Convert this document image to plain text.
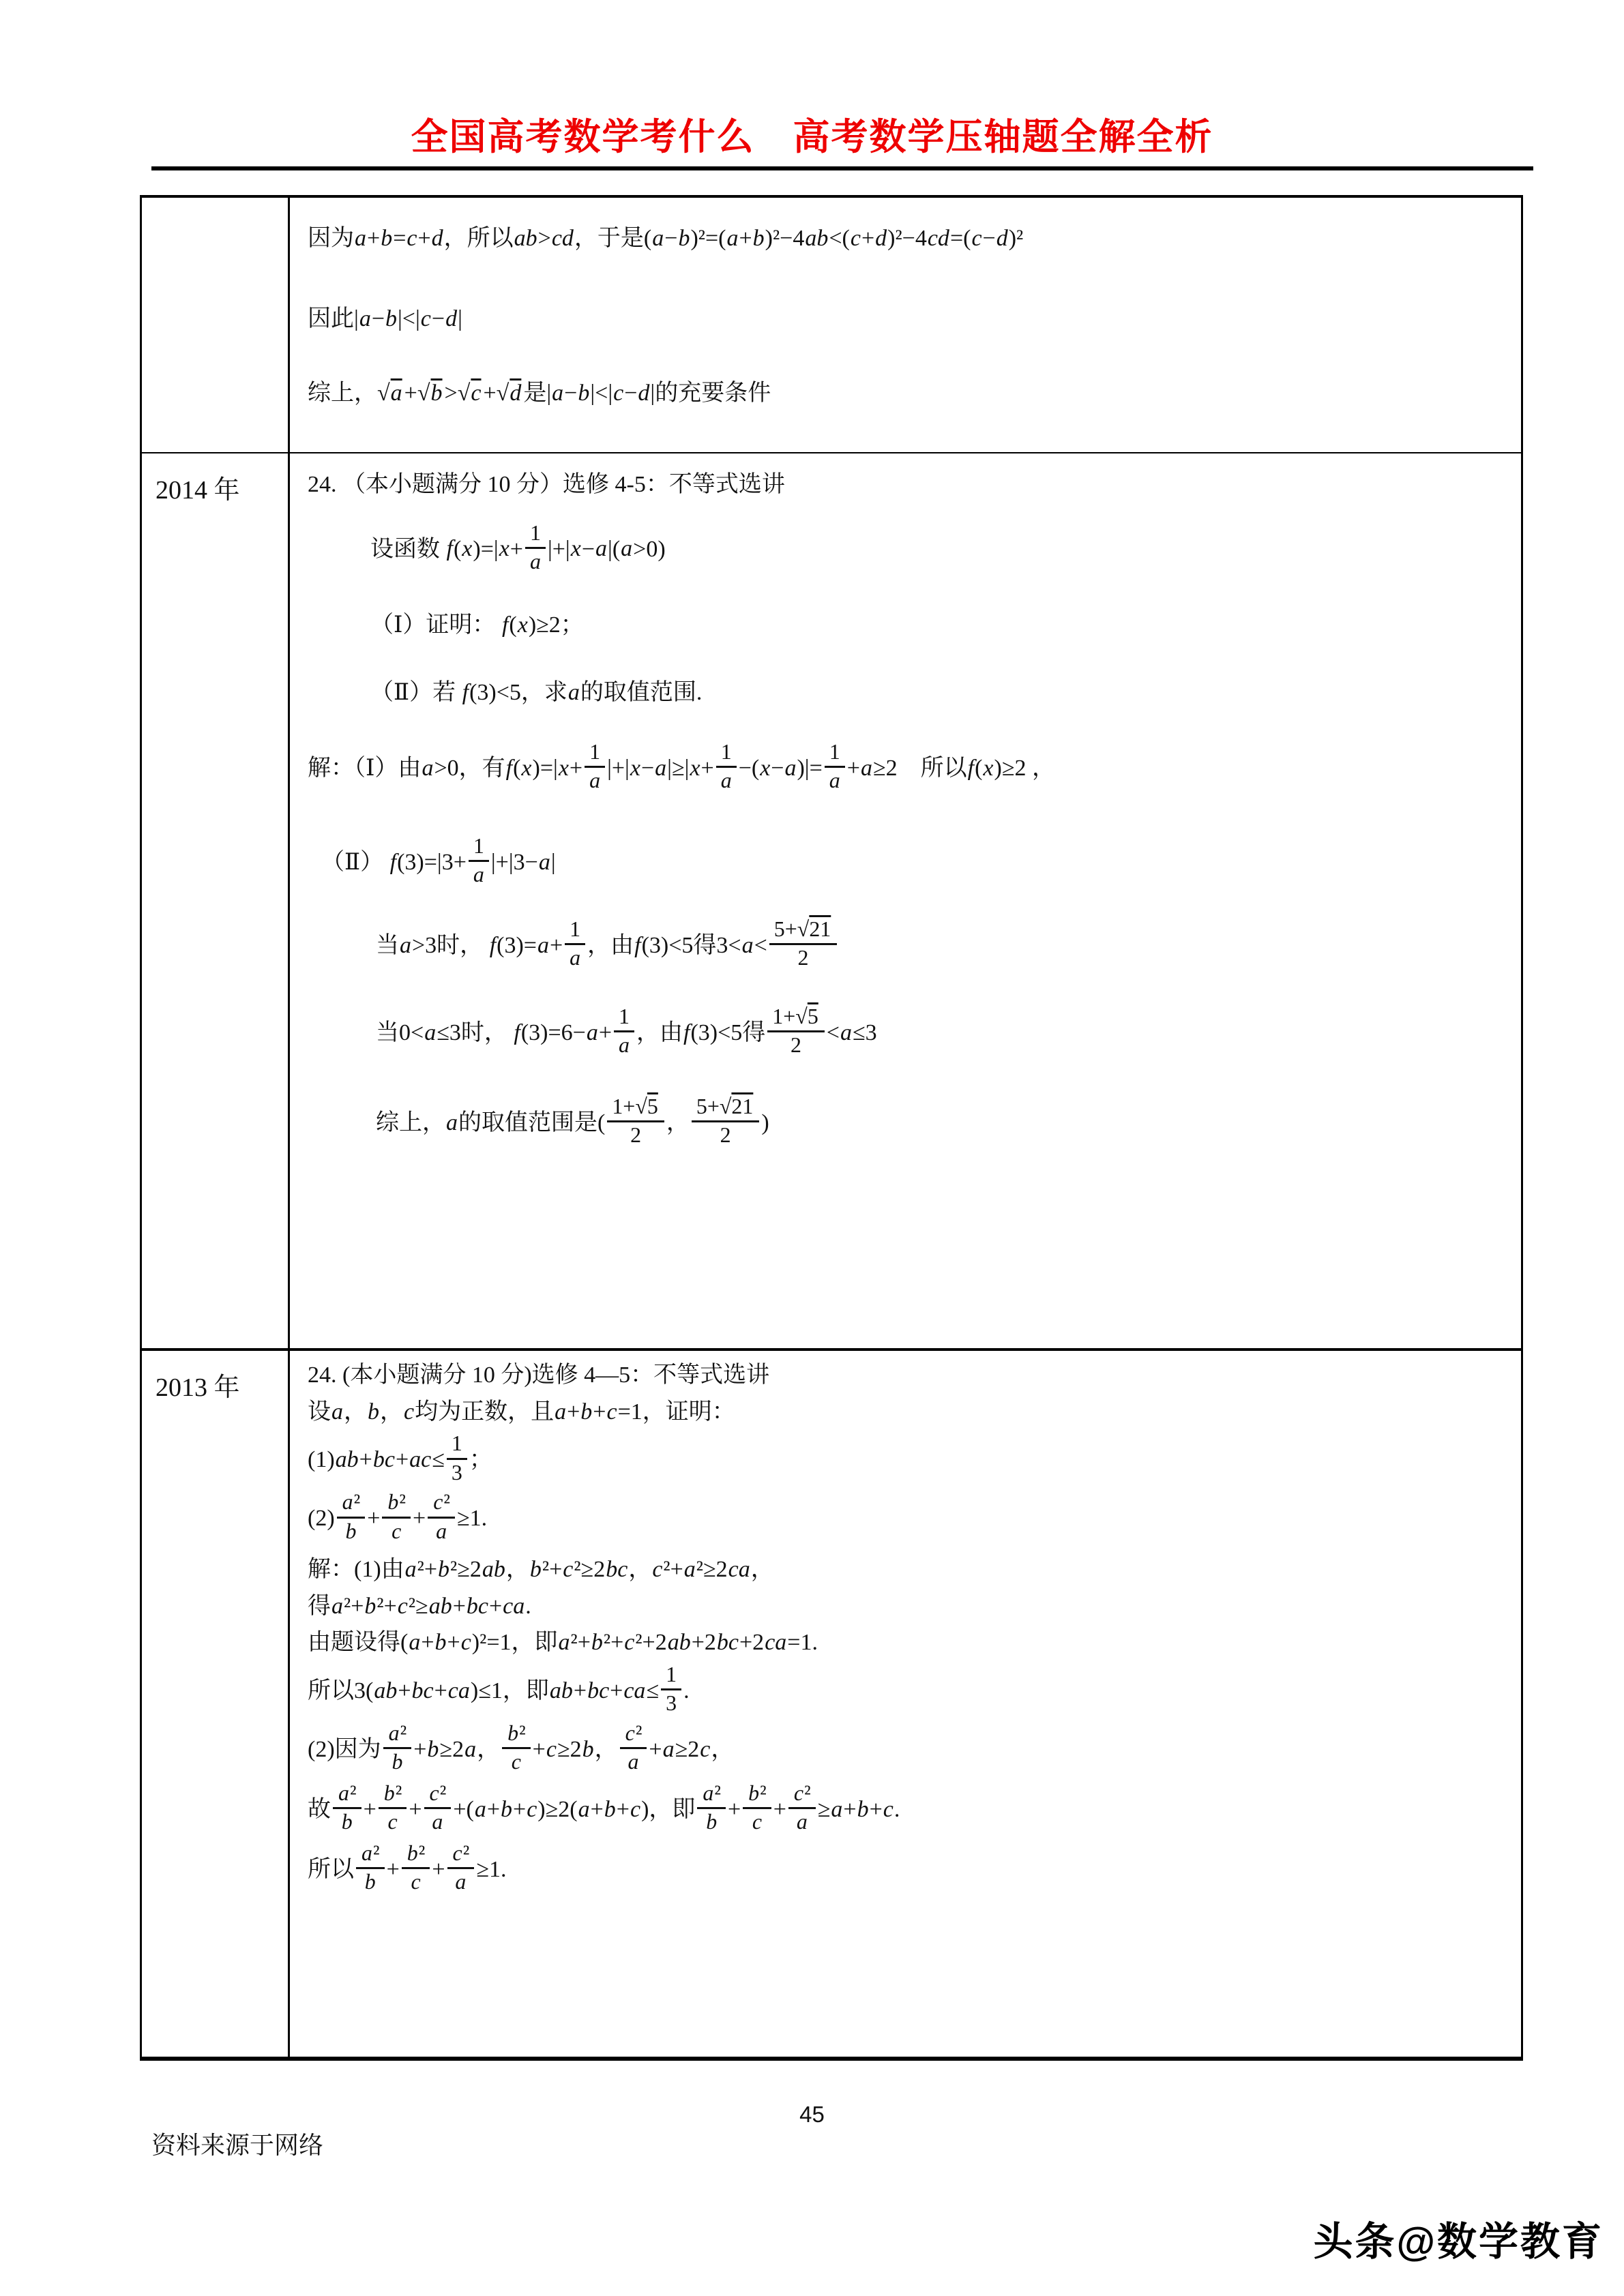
全国高考数学考什么　高考数学压轴题全解全析
因为a+b=c+d，所以ab>cd，于是(a−b)²=(a+b)²−4ab<(c+d)²−4cd=(c−d)²
因此|a−b|<|c−d|
综上，√a+√b>√c+√d是|a−b|<|c−d|的充要条件
2014 年	24. （本小题满分 10 分）选修 4-5：不等式选讲
设函数 $f(x)=|x+ \frac{1}{a} |+|x-a|(a>0)$
（Ⅰ）证明： f(x)≥2；
（Ⅱ）若 f(3)<5，求a的取值范围.
解：（Ⅰ）由a>0，有$f(x)=|x+ \frac{1}{a} |+|x-a|\ge|x+ \frac{1}{a} -(x-a)|= \frac{1}{a} +a\ge 2$　所以f(x)≥2 ，
（Ⅱ） $f(3)=|3+ \frac{1}{a} |+|3-a|$
当a>3时， $f(3)=a+ \frac{1}{a}$ ，由f(3)<5得$3<a< \frac{5+√21}{2}$
当0<a≤3时， $f(3)=6-a+ \frac{1}{a}$ ，由f(3)<5得 $\frac{1+√5}{2} <a\le 3$
综上，a的取值范围是( $\frac{1+√5}{2}$ ， $\frac{5+√21}{2}$ )
2013 年	24. (本小题满分 10 分)选修 4—5：不等式选讲
设a，b，c均为正数，且a+b+c=1，证明：
$(1)ab+bc+ac\le \frac{1}{3}$ ；
$(2) \frac{\text{a²}}{b} + \frac{\text{b²}}{c} + \frac{\text{c²}}{a} \ge 1$.
解：(1)由a²+b²≥2ab，b²+c²≥2bc，c²+a²≥2ca，
得a²+b²+c²≥ab+bc+ca.
由题设得(a+b+c)²=1，即a²+b²+c²+2ab+2bc+2ca=1.
所以3(ab+bc+ca)≤1，即$ab+bc+ca\le \frac{1}{3}$ .
(2)因为 $\frac{\text{a²}}{b} +b\ge 2a$， $\frac{\text{b²}}{c} +c\ge 2b$， $\frac{\text{c²}}{a} +a\ge 2c$，
故 $\frac{\text{a²}}{b} + \frac{\text{b²}}{c} + \frac{\text{c²}}{a} +(a+b+c)\ge 2(a+b+c)$，即 $\frac{\text{a²}}{b} + \frac{\text{b²}}{c} + \frac{\text{c²}}{a} \ge a+b+c$.
所以 $\frac{\text{a²}}{b} + \frac{\text{b²}}{c} + \frac{\text{c²}}{a} \ge 1$.
45
资料来源于网络
头条@数学教育
